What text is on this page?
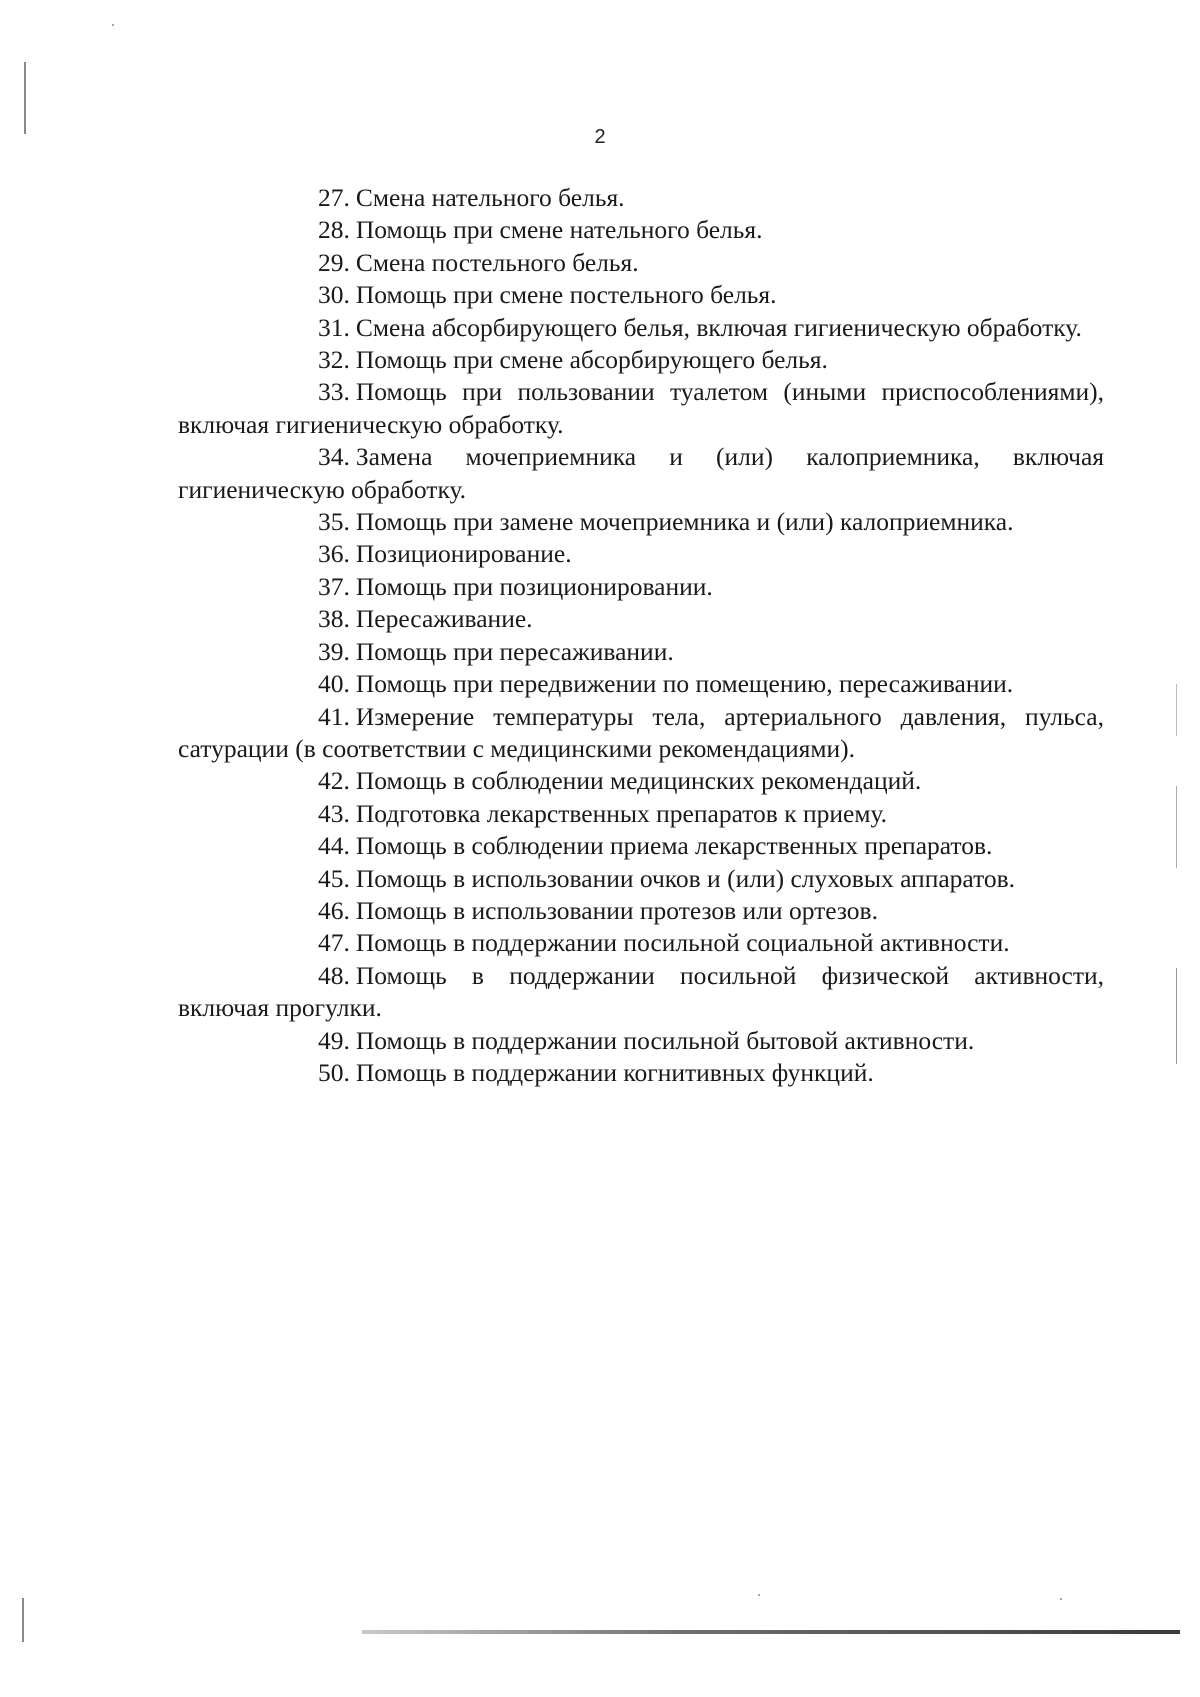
2

27. Смена нательного белья.

28. Помощь при смене нательного белья.

29. Смена постельного белья.

30. Помощь при смене постельного белья.

31. Смена абсорбирующего белья, включая гигиеническую обработку.

32. Помощь при смене абсорбирующего белья.

33. Помощь при пользовании туалетом (иными приспособлениями), включая гигиеническую обработку.

34. Замена мочеприемника и (или) калоприемника, включая гигиеническую обработку.

35. Помощь при замене мочеприемника и (или) калоприемника.

36. Позиционирование.

37. Помощь при позиционировании.

38. Пересаживание.

39. Помощь при пересаживании.

40. Помощь при передвижении по помещению, пересаживании.

41. Измерение температуры тела, артериального давления, пульса, сатурации (в соответствии с медицинскими рекомендациями).

42. Помощь в соблюдении медицинских рекомендаций.

43. Подготовка лекарственных препаратов к приему.

44. Помощь в соблюдении приема лекарственных препаратов.

45. Помощь в использовании очков и (или) слуховых аппаратов.

46. Помощь в использовании протезов или ортезов.

47. Помощь в поддержании посильной социальной активности.

48. Помощь в поддержании посильной физической активности, включая прогулки.

49. Помощь в поддержании посильной бытовой активности.

50. Помощь в поддержании когнитивных функций.
